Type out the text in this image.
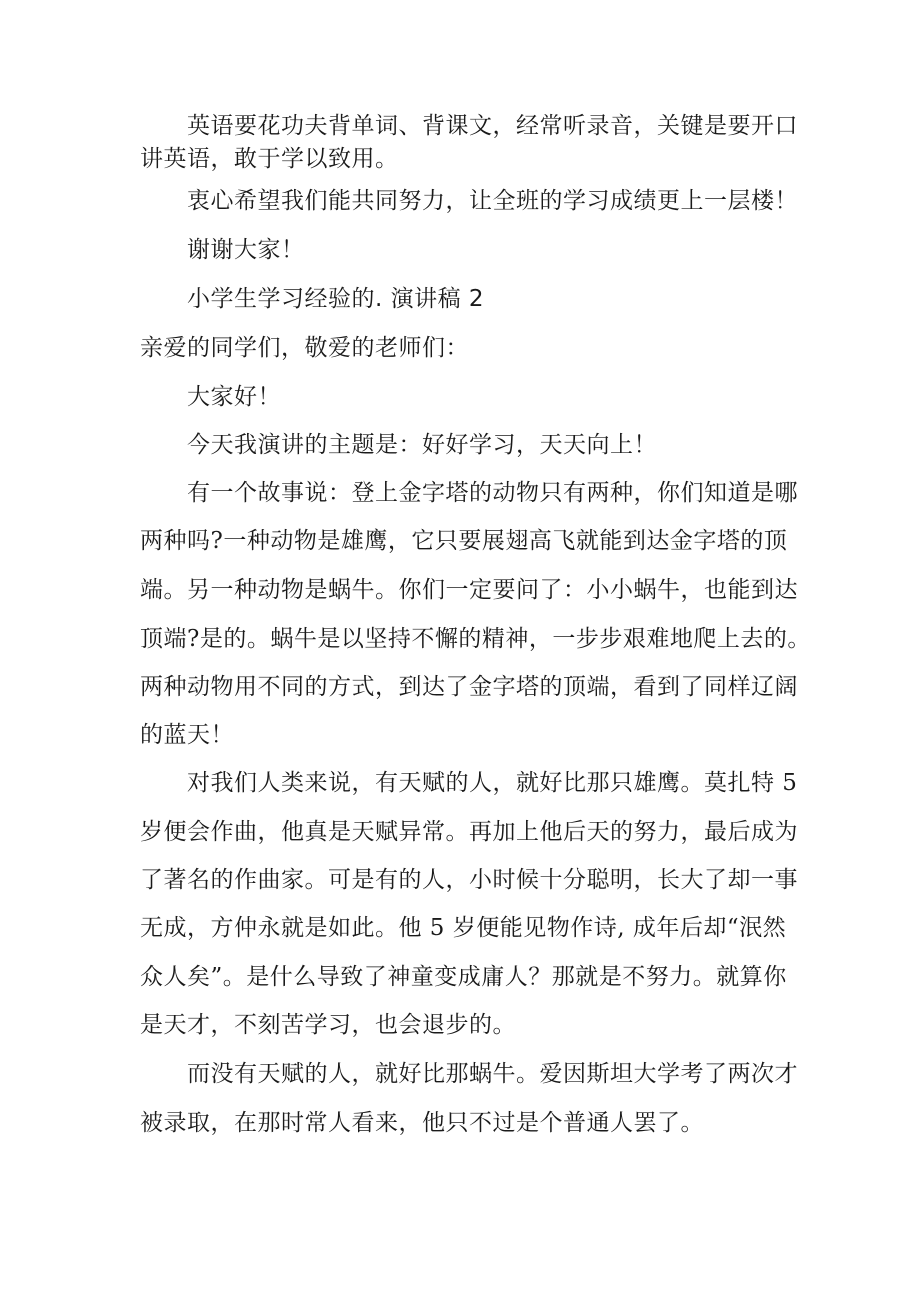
英语要花功夫背单词、背课文，经常听录音，关键是要开口
讲英语，敢于学以致用。
衷心希望我们能共同努力，让全班的学习成绩更上一层楼！
谢谢大家！
小学生学习经验的. 演讲稿 2
亲爱的同学们，敬爱的老师们：
大家好！
今天我演讲的主题是：好好学习，天天向上！
有一个故事说：登上金字塔的动物只有两种，你们知道是哪
两种吗?一种动物是雄鹰，它只要展翅高飞就能到达金字塔的顶
端。另一种动物是蜗牛。你们一定要问了：小小蜗牛，也能到达
顶端?是的。蜗牛是以坚持不懈的精神，一步步艰难地爬上去的。
两种动物用不同的方式，到达了金字塔的顶端，看到了同样辽阔
的蓝天！
对我们人类来说，有天赋的人，就好比那只雄鹰。莫扎特 5
岁便会作曲，他真是天赋异常。再加上他后天的努力，最后成为
了著名的作曲家。可是有的人，小时候十分聪明，长大了却一事
无成，方仲永就是如此。他 5 岁便能见物作诗, 成年后却“泯然
众人矣”。是什么导致了神童变成庸人？那就是不努力。就算你
是天才，不刻苦学习，也会退步的。
而没有天赋的人，就好比那蜗牛。爱因斯坦大学考了两次才
被录取，在那时常人看来，他只不过是个普通人罢了。
